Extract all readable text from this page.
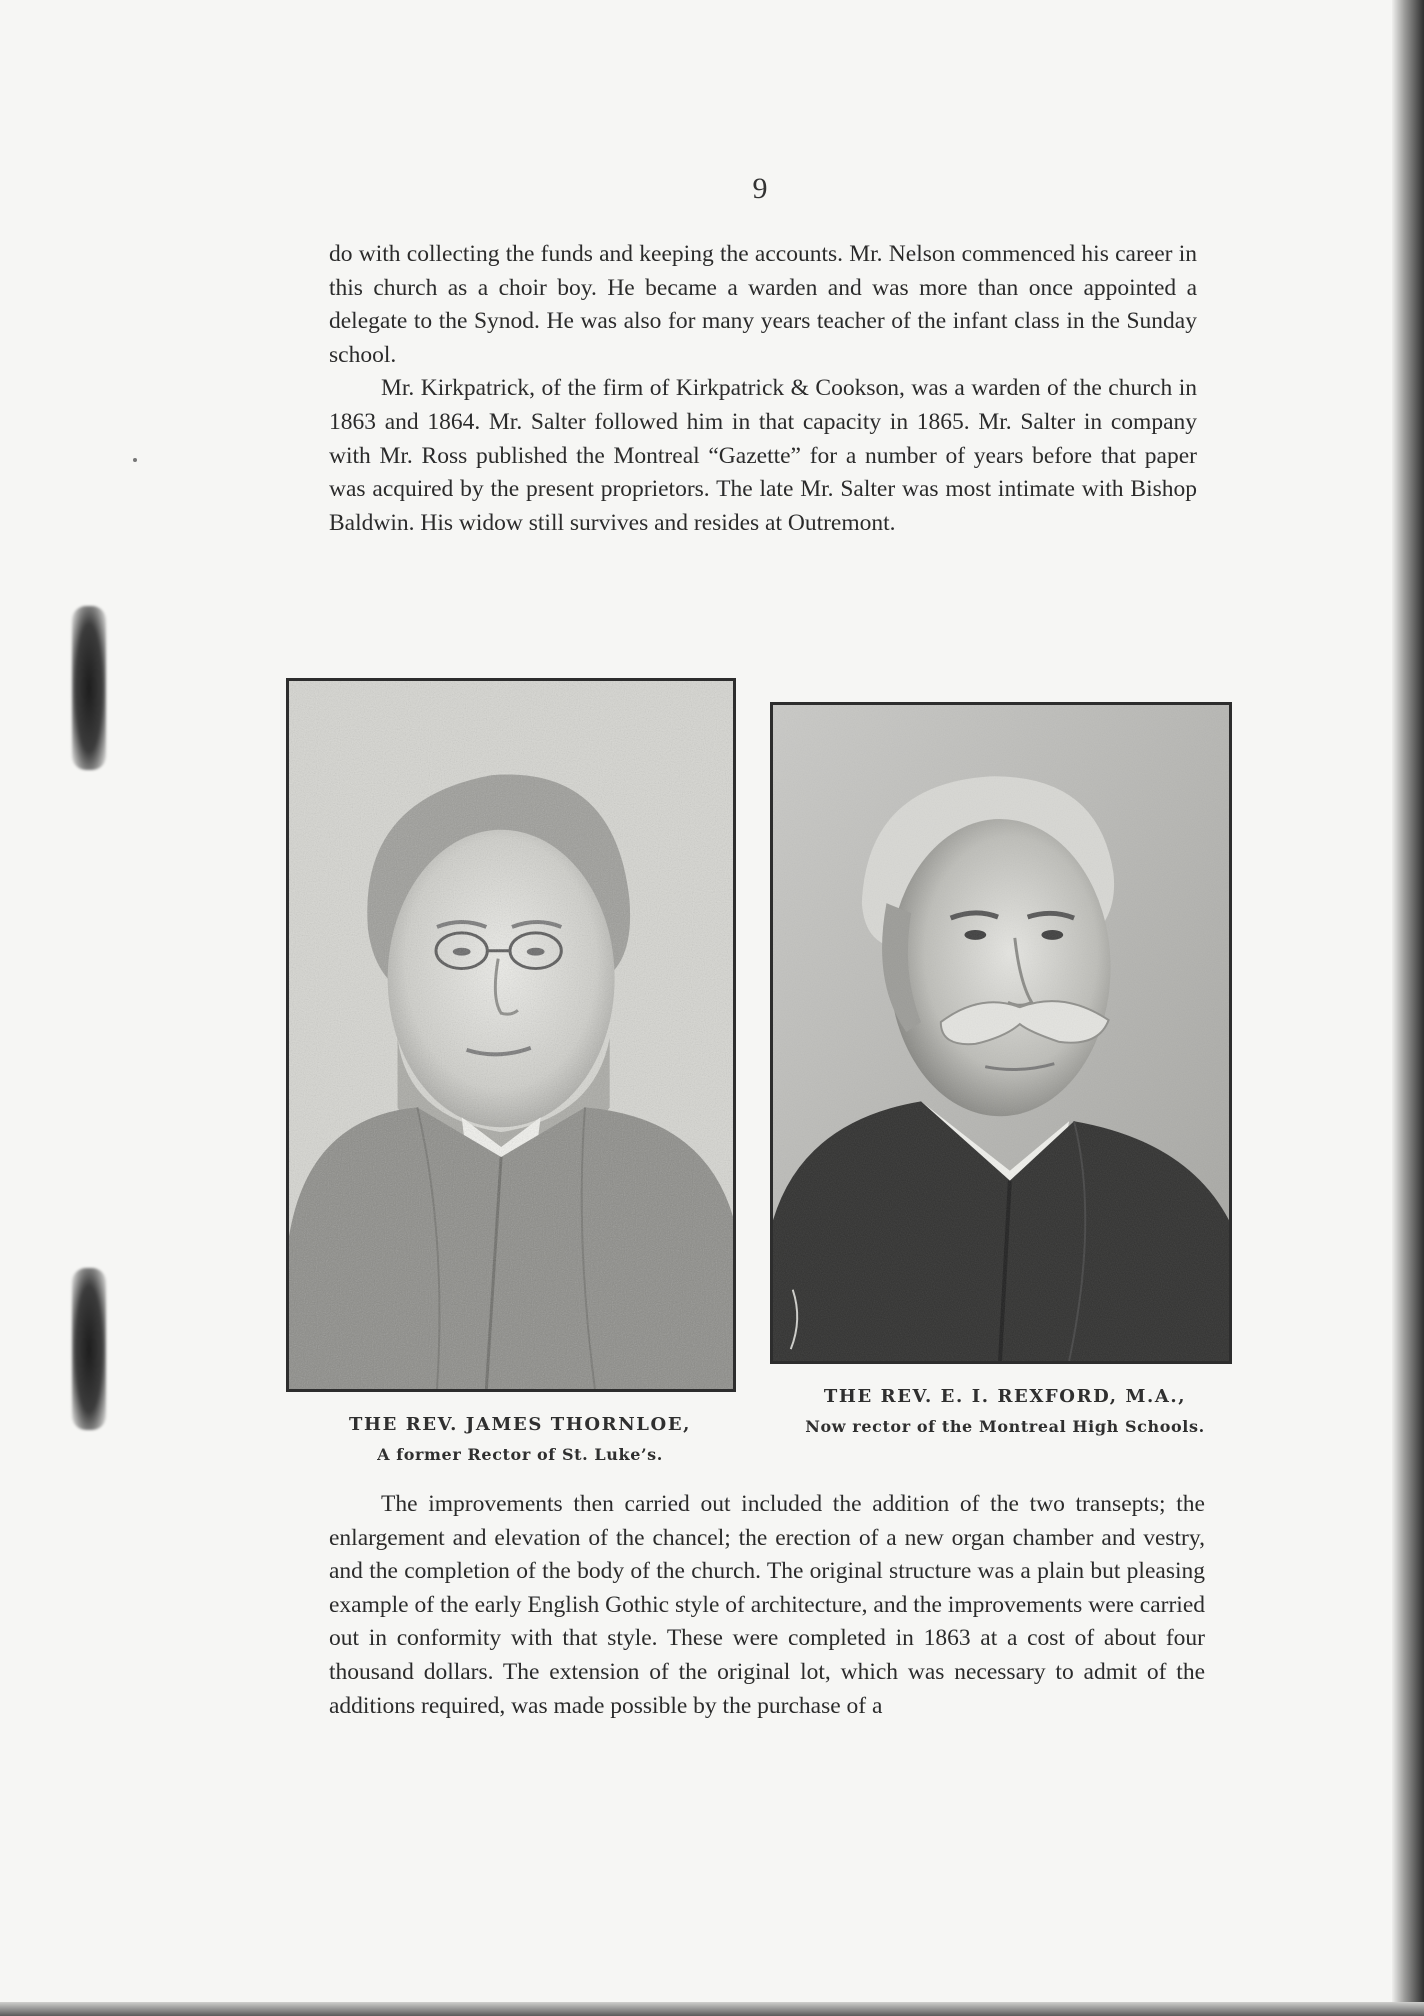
9

do with collecting the funds and keeping the accounts. Mr. Nelson commenced his career in this church as a choir boy. He became a warden and was more than once appointed a delegate to the Synod. He was also for many years teacher of the infant class in the Sunday school.

Mr. Kirkpatrick, of the firm of Kirkpatrick & Cookson, was a warden of the church in 1863 and 1864. Mr. Salter followed him in that capacity in 1865. Mr. Salter in company with Mr. Ross published the Montreal “Gazette” for a number of years before that paper was acquired by the present proprietors. The late Mr. Salter was most intimate with Bishop Baldwin. His widow still survives and resides at Outremont.

THE REV. JAMES THORNLOE,
A former Rector of St. Luke’s.
THE REV. E. I. REXFORD, M.A.,
Now rector of the Montreal High Schools.

The improvements then carried out included the addition of the two transepts; the enlargement and elevation of the chancel; the erection of a new organ chamber and vestry, and the completion of the body of the church. The original structure was a plain but pleasing example of the early English Gothic style of architecture, and the improvements were carried out in conformity with that style. These were completed in 1863 at a cost of about four thousand dollars. The extension of the original lot, which was necessary to admit of the additions required, was made possible by the purchase of a
